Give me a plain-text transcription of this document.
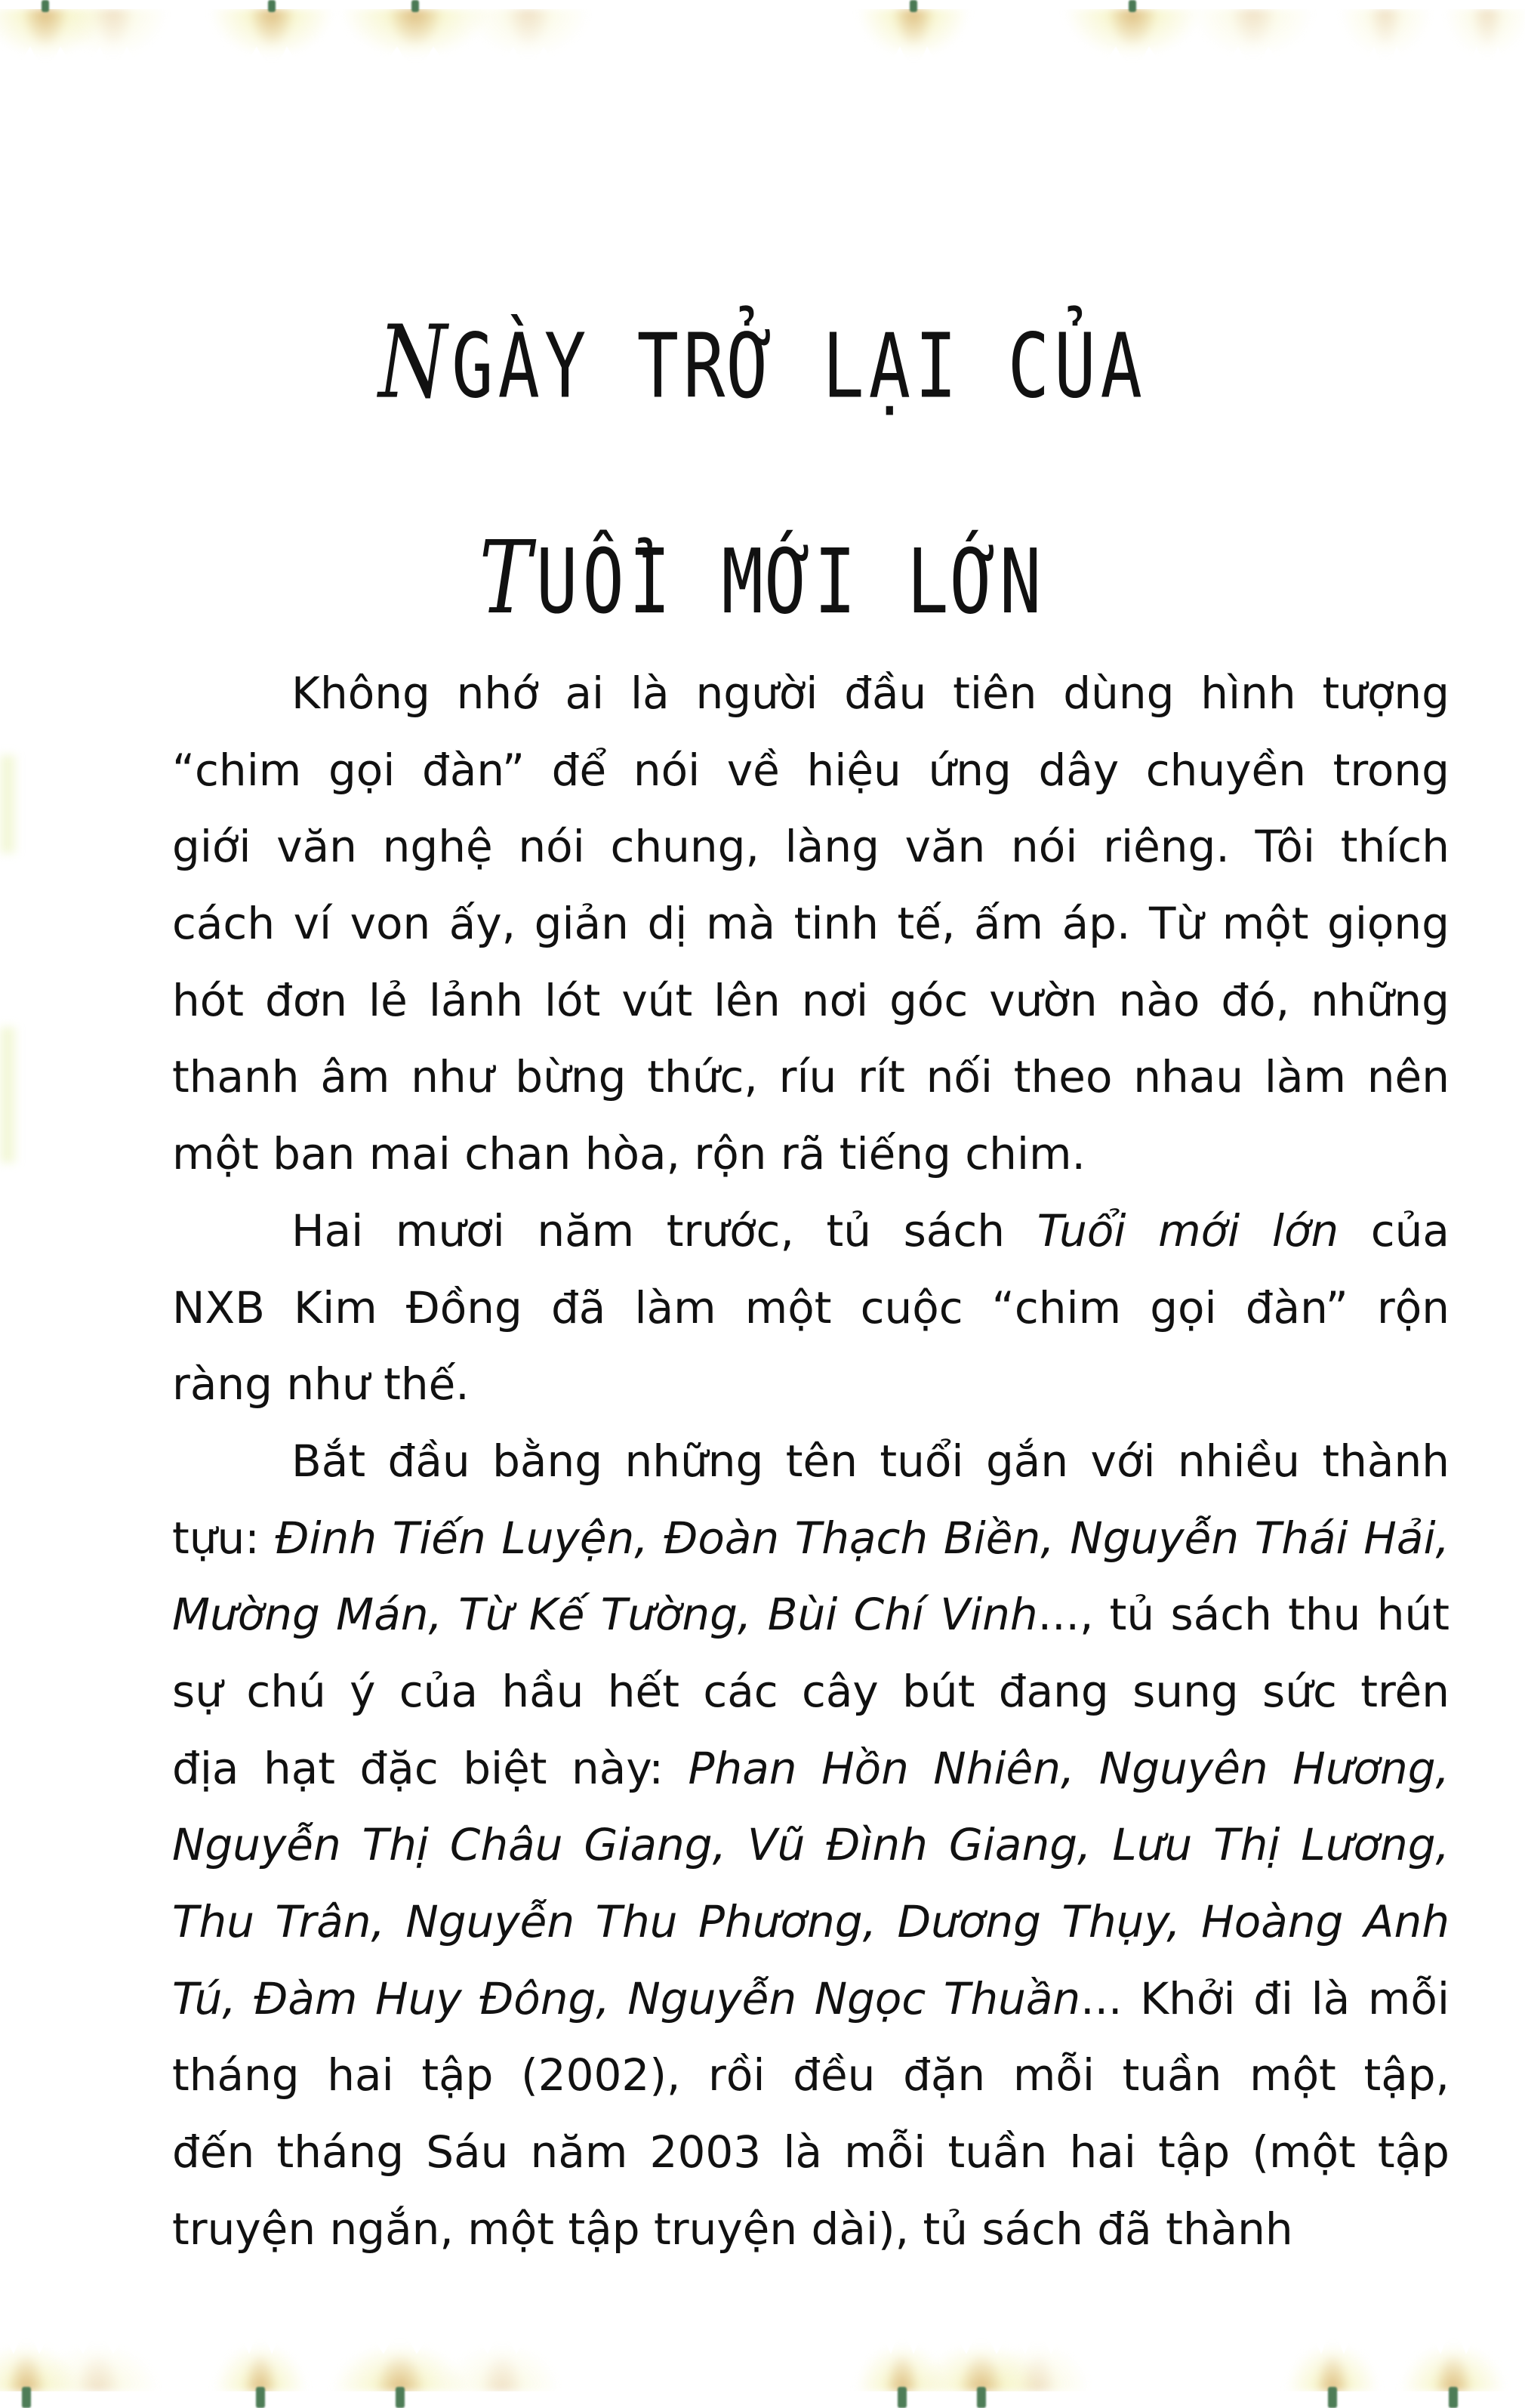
NGÀY TRỞ LẠI CỦA
TUỔI MỚI LỚN
Không nhớ ai là người đầu tiên dùng hình tượng
“chim gọi đàn” để nói về hiệu ứng dây chuyền trong
giới văn nghệ nói chung, làng văn nói riêng. Tôi thích
cách ví von ấy, giản dị mà tinh tế, ấm áp. Từ một giọng
hót đơn lẻ lảnh lót vút lên nơi góc vườn nào đó, những
thanh âm như bừng thức, ríu rít nối theo nhau làm nên
một ban mai chan hòa, rộn rã tiếng chim.
Hai mươi năm trước, tủ sách Tuổi mới lớn của
NXB Kim Đồng đã làm một cuộc “chim gọi đàn” rộn
ràng như thế.
Bắt đầu bằng những tên tuổi gắn với nhiều thành
tựu: Đinh Tiến Luyện, Đoàn Thạch Biền, Nguyễn Thái Hải,
Mường Mán, Từ Kế Tường, Bùi Chí Vinh..., tủ sách thu hút
sự chú ý của hầu hết các cây bút đang sung sức trên
địa hạt đặc biệt này: Phan Hồn Nhiên, Nguyên Hương,
Nguyễn Thị Châu Giang, Vũ Đình Giang, Lưu Thị Lương,
Thu Trân, Nguyễn Thu Phương, Dương Thụy, Hoàng Anh
Tú, Đàm Huy Đông, Nguyễn Ngọc Thuần... Khởi đi là mỗi
tháng hai tập (2002), rồi đều đặn mỗi tuần một tập,
đến tháng Sáu năm 2003 là mỗi tuần hai tập (một tập
truyện ngắn, một tập truyện dài), tủ sách đã thành
